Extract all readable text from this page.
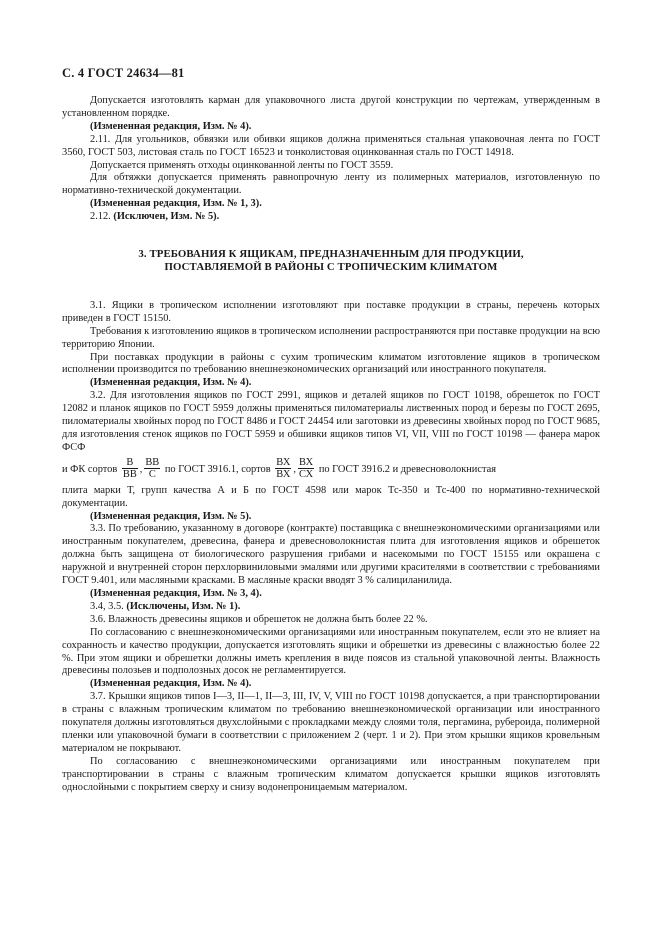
С. 4 ГОСТ 24634—81

Допускается изготовлять карман для упаковочного листа другой конструкции по чертежам, утвержденным в установленном порядке.

(Измененная редакция, Изм. № 4).

2.11. Для угольников, обвязки или обивки ящиков должна применяться стальная упаковочная лента по ГОСТ 3560, ГОСТ 503, листовая сталь по ГОСТ 16523 и тонколистовая оцинкованная сталь по ГОСТ 14918.

Допускается применять отходы оцинкованной ленты по ГОСТ 3559.

Для обтяжки допускается применять равнопрочную ленту из полимерных материалов, изготовленную по нормативно-технической документации.

(Измененная редакция, Изм. № 1, 3).

2.12. (Исключен, Изм. № 5).

3. ТРЕБОВАНИЯ К ЯЩИКАМ, ПРЕДНАЗНАЧЕННЫМ ДЛЯ ПРОДУКЦИИ,
ПОСТАВЛЯЕМОЙ В РАЙОНЫ С ТРОПИЧЕСКИМ КЛИМАТОМ

3.1. Ящики в тропическом исполнении изготовляют при поставке продукции в страны, перечень которых приведен в ГОСТ 15150.

Требования к изготовлению ящиков в тропическом исполнении распространяются при поставке продукции на всю территорию Японии.

При поставках продукции в районы с сухим тропическим климатом изготовление ящиков в тропическом исполнении производится по требованию внешнеэкономических организаций или иностранного покупателя.

(Измененная редакция, Изм. № 4).

3.2. Для изготовления ящиков по ГОСТ 2991, ящиков и деталей ящиков по ГОСТ 10198, обрешеток по ГОСТ 12082 и планок ящиков по ГОСТ 5959 должны применяться пиломатериалы лиственных пород и березы по ГОСТ 2695, пиломатериалы хвойных пород по ГОСТ 8486 и ГОСТ 24454 или заготовки из древесины хвойных пород по ГОСТ 9685, для изготовления стенок ящиков по ГОСТ 5959 и обшивки ящиков типов VI, VII, VIII по ГОСТ 10198 — фанера марок ФСФ

и ФК сортов
В
ВВ ,
ВВ
С по ГОСТ 3916.1, сортов
ВХ
ВХ ,
ВХ
СХ по ГОСТ 3916.2 и древесноволокнистая

плита марки Т, групп качества А и Б по ГОСТ 4598 или марок Тс-350 и Тс-400 по нормативно-технической документации.

(Измененная редакция, Изм. № 5).

3.3. По требованию, указанному в договоре (контракте) поставщика с внешнеэкономическими организациями или иностранным покупателем, древесина, фанера и древесноволокнистая плита для изготовления ящиков и обрешеток должна быть защищена от биологического разрушения грибами и насекомыми по ГОСТ 15155 или окрашена с наружной и внутренней сторон перхлорвиниловыми эмалями или другими красителями в соответствии с требованиями ГОСТ 9.401, или масляными красками. В масляные краски вводят 3 % салициланилида.

(Измененная редакция, Изм. № 3, 4).

3.4, 3.5. (Исключены, Изм. № 1).

3.6. Влажность древесины ящиков и обрешеток не должна быть более 22 %.

По согласованию с внешнеэкономическими организациями или иностранным покупателем, если это не влияет на сохранность и качество продукции, допускается изготовлять ящики и обрешетки из древесины с влажностью более 22 %. При этом ящики и обрешетки должны иметь крепления в виде поясов из стальной упаковочной ленты. Влажность древесины полозьев и подполозных досок не регламентируется.

(Измененная редакция, Изм. № 4).

3.7. Крышки ящиков типов I—3, II—1, II—3, III, IV, V, VIII по ГОСТ 10198 допускается, а при транспортировании в страны с влажным тропическим климатом по требованию внешнеэкономической организации или иностранного покупателя должны изготовляться двухслойными с прокладками между слоями толя, пергамина, рубероида, полимерной пленки или упаковочной бумаги в соответствии с приложением 2 (черт. 1 и 2). При этом крышки ящиков кровельным материалом не покрывают.

По согласованию с внешнеэкономическими организациями или иностранным покупателем при транспортировании в страны с влажным тропическим климатом допускается крышки ящиков изготовлять однослойными с покрытием сверху и снизу водонепроницаемым материалом.
